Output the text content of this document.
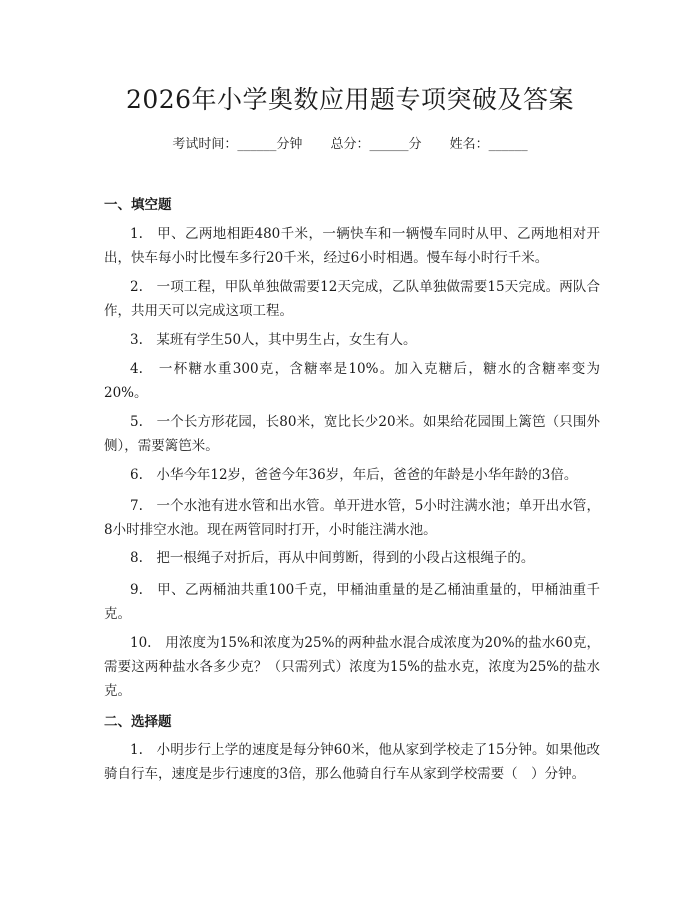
2026年小学奥数应用题专项突破及答案
考试时间：______分钟 总分：______分 姓名：______
一、填空题

1.　甲、乙两地相距480千米，一辆快车和一辆慢车同时从甲、乙两地相对开出，快车每小时比慢车多行20千米，经过6小时相遇。慢车每小时行千米。

2.　一项工程，甲队单独做需要12天完成，乙队单独做需要15天完成。两队合作，共用天可以完成这项工程。

3.　某班有学生50人，其中男生占，女生有人。

4.　一杯糖水重300克，含糖率是10%。加入克糖后，糖水的含糖率变为20%。

5.　一个长方形花园，长80米，宽比长少20米。如果给花园围上篱笆（只围外侧），需要篱笆米。

6.　小华今年12岁，爸爸今年36岁，年后，爸爸的年龄是小华年龄的3倍。

7.　一个水池有进水管和出水管。单开进水管，5小时注满水池；单开出水管，8小时排空水池。现在两管同时打开，小时能注满水池。

8.　把一根绳子对折后，再从中间剪断，得到的小段占这根绳子的。

9.　甲、乙两桶油共重100千克，甲桶油重量的是乙桶油重量的，甲桶油重千克。

10.　用浓度为15%和浓度为25%的两种盐水混合成浓度为20%的盐水60克，需要这两种盐水各多少克？（只需列式）浓度为15%的盐水克，浓度为25%的盐水克。

二、选择题

1.　小明步行上学的速度是每分钟60米，他从家到学校走了15分钟。如果他改骑自行车，速度是步行速度的3倍，那么他骑自行车从家到学校需要（　）分钟。
